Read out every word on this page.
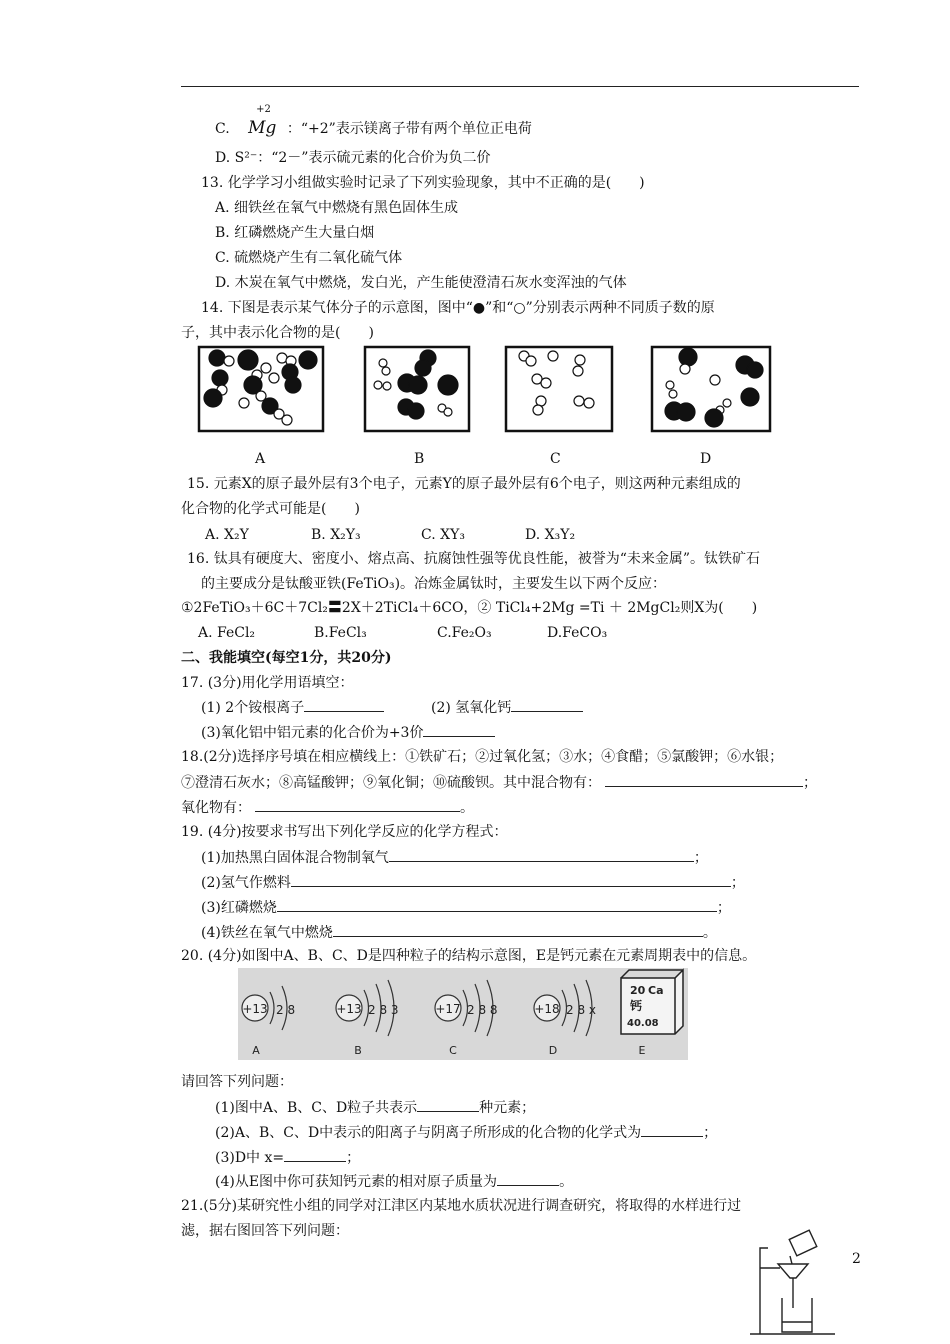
C.
+2
Mg ：“+2”表示镁离子带有两个单位正电荷
D. S²⁻：“2－”表示硫元素的化合价为负二价
13. 化学学习小组做实验时记录了下列实验现象，其中不正确的是(　　)
A. 细铁丝在氧气中燃烧有黑色固体生成
B. 红磷燃烧产生大量白烟
C. 硫燃烧产生有二氧化硫气体
D. 木炭在氧气中燃烧，发白光，产生能使澄清石灰水变浑浊的气体
14. 下图是表示某气体分子的示意图，图中“●”和“○”分别表示两种不同质子数的原
子，其中表示化合物的是(　　)
A	B	C	D
15. 元素X的原子最外层有3个电子，元素Y的原子最外层有6个电子，则这两种元素组成的
化合物的化学式可能是(　　)
A. X₂Y	B. X₂Y₃	C. XY₃	D. X₃Y₂
16. 钛具有硬度大、密度小、熔点高、抗腐蚀性强等优良性能，被誉为“未来金属”。钛铁矿石
的主要成分是钛酸亚铁(FeTiO₃)。冶炼金属钛时，主要发生以下两个反应：
①2FeTiO₃＋6C＋7Cl₂〓2X＋2TiCl₄＋6CO，② TiCl₄+2Mg =Ti ＋ 2MgCl₂则X为(　　)
A. FeCl₂	B.FeCl₃	C.Fe₂O₃	D.FeCO₃
二、我能填空(每空1分，共20分)
17. (3分)用化学用语填空：
(1) 2个铵根离子	(2) 氢氧化钙
(3)氧化铝中铝元素的化合价为+3价
18.(2分)选择序号填在相应横线上：①铁矿石；②过氧化氢；③水；④食醋；⑤氯酸钾；⑥水银；
⑦澄清石灰水；⑧高锰酸钾；⑨氧化铜；⑩硫酸钡。其中混合物有：	；
氧化物有：	。
19. (4分)按要求书写出下列化学反应的化学方程式：
(1)加热黑白固体混合物制氧气	；
(2)氢气作燃料	；
(3)红磷燃烧	；
(4)铁丝在氧气中燃烧	。
20. (4分)如图中A、B、C、D是四种粒子的结构示意图，E是钙元素在元素周期表中的信息。
+13 2 8
A
+13 2 8 3
B
+17 2 8 8
C
+18 2 8 x
D
20 Ca
钙
40.08
E
请回答下列问题：
(1)图中A、B、C、D粒子共表示	种元素；
(2)A、B、C、D中表示的阳离子与阴离子所形成的化合物的化学式为	；
(3)D中 x=	；
(4)从E图中你可获知钙元素的相对原子质量为	。
21.(5分)某研究性小组的同学对江津区内某地水质状况进行调查研究，将取得的水样进行过
滤，据右图回答下列问题：
2
